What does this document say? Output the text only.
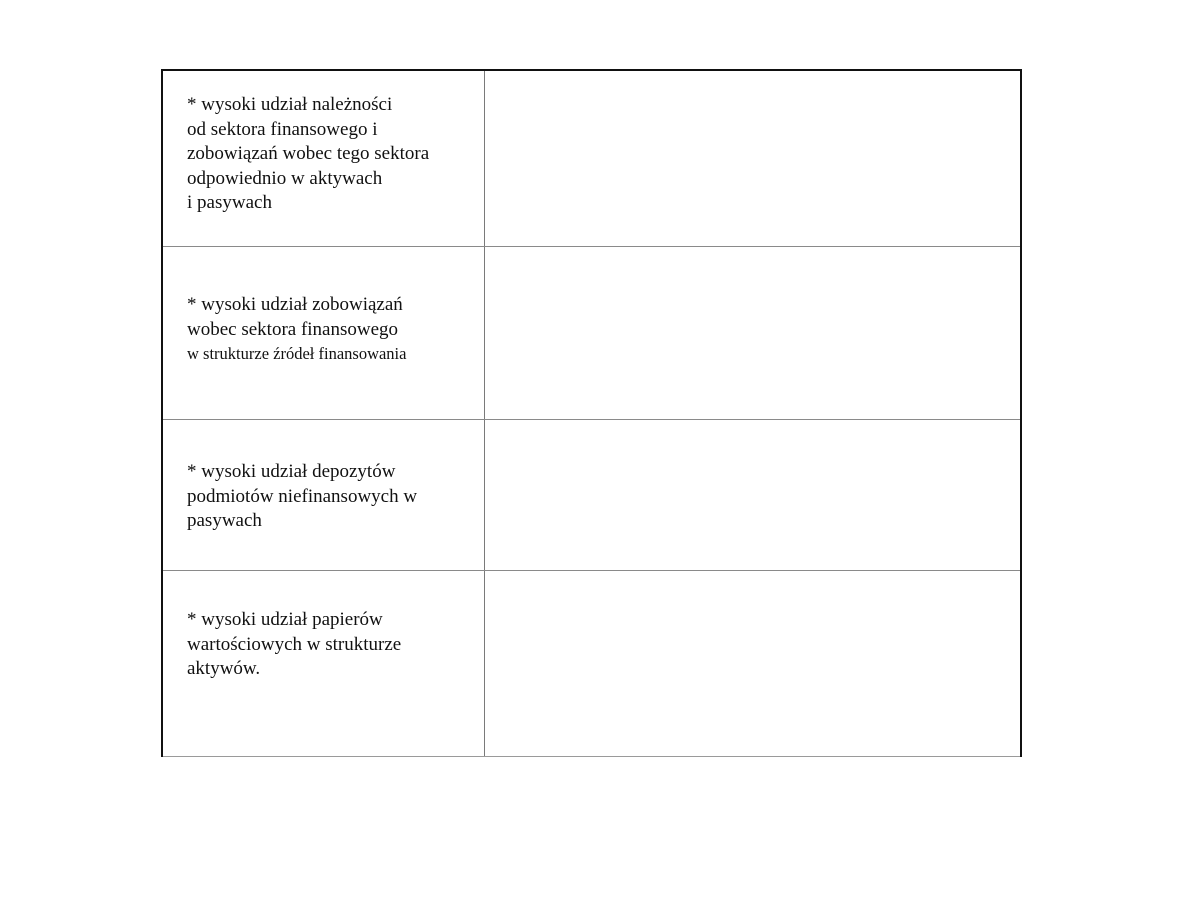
* wysoki udział należności
od sektora finansowego i
zobowiązań wobec tego sektora
odpowiednio w aktywach
i pasywach
* wysoki udział zobowiązań
wobec sektora finansowego
w strukturze źródeł finansowania
* wysoki udział depozytów
podmiotów niefinansowych w
pasywach
* wysoki udział papierów
wartościowych w strukturze
aktywów.
